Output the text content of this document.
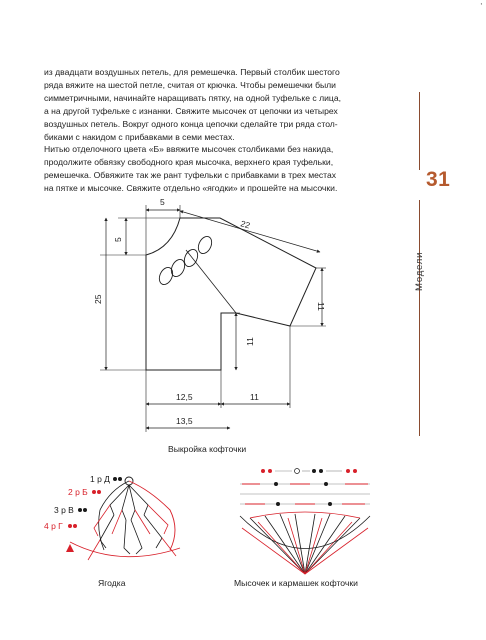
'
из двадцати воздушных петель, для ремешечка. Первый столбик шестого
ряда вяжите на шестой петле, считая от крючка. Чтобы ремешечки были
симметричными, начинайте наращивать пятку, на одной туфельке с лица,
а на другой туфельке с изнанки. Свяжите мысочек от цепочки из четырех
воздушных петель. Вокруг одного конца цепочки сделайте три ряда стол-
биками с накидом с прибавками в семи местах.
Нитью отделочного цвета «Б» ввяжите мысочек столбиками без накида,
продолжите обвязку свободного края мысочка, верхнего края туфельки,
ремешечка. Обвяжите так же рант туфельки с прибавками в трех местах
на пятке и мысочке. Свяжите отдельно «ягодки» и прошейте на мысочки.	31
Модели
5
22
5
25
11
11
12,5	11
13,5
Выкройка кофточки
1 р Д
2 р Б
3 р В
4 р Г
Ягодка	Мысочек и кармашек кофточки
